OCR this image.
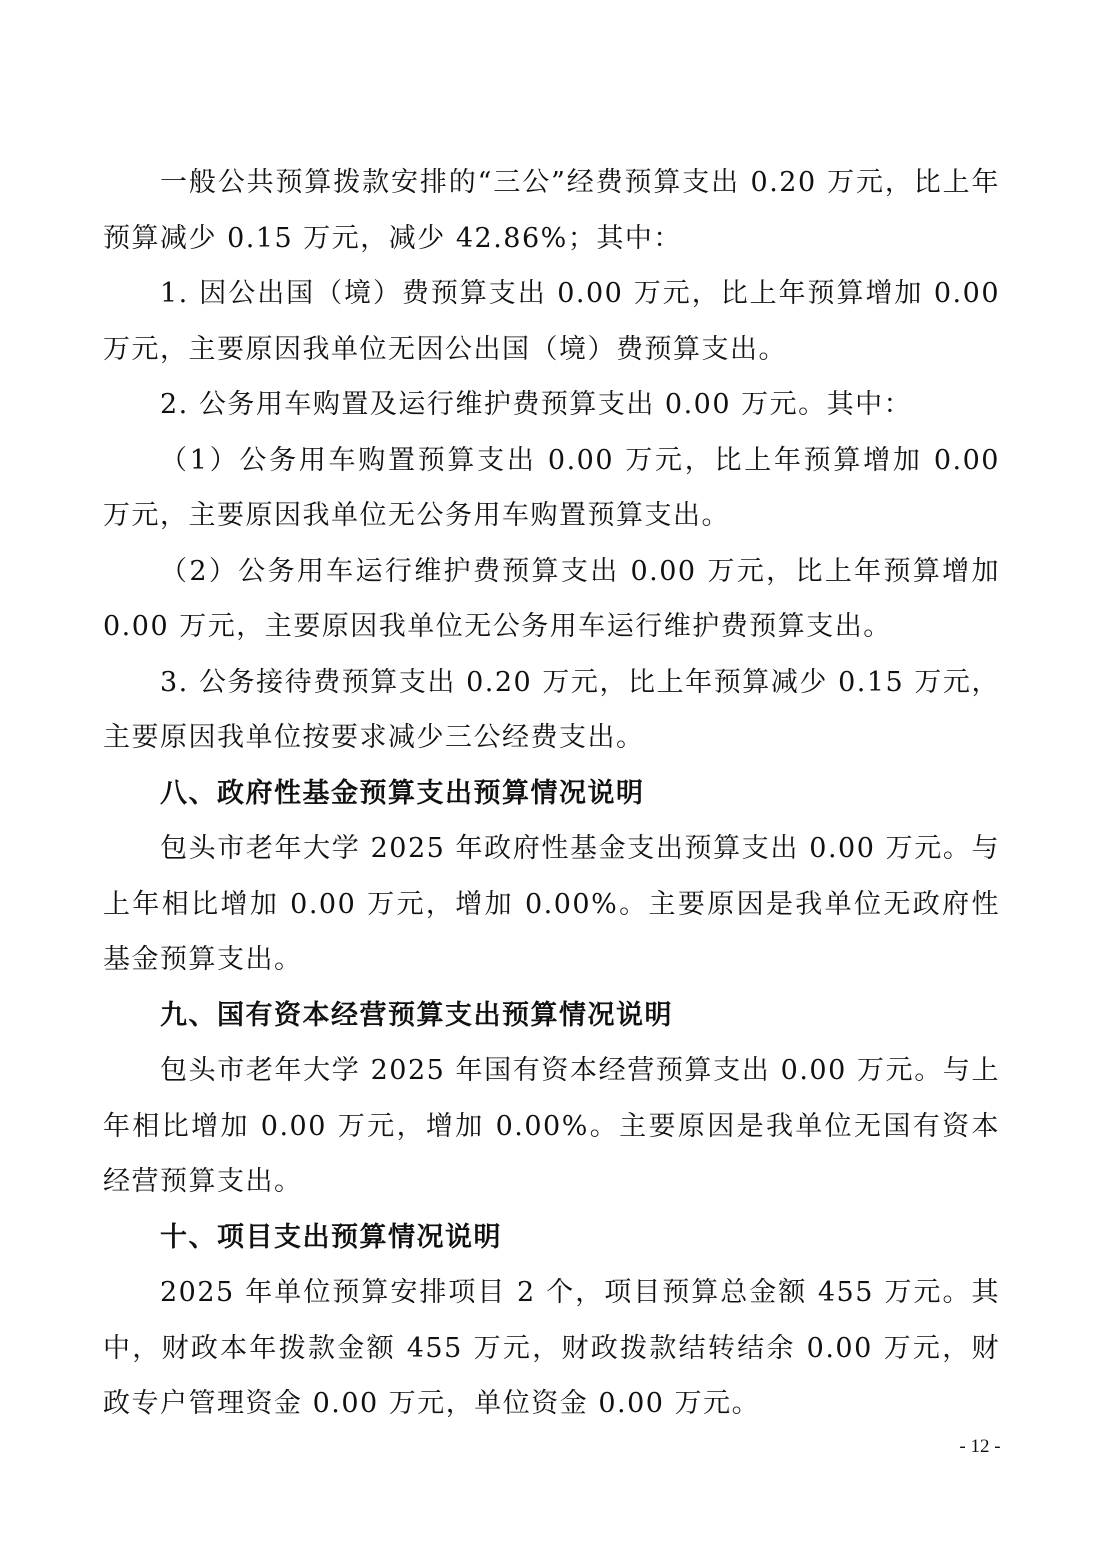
一般公共预算拨款安排的“三公”经费预算支出 0.20 万元，比上年预算减少 0.15 万元，减少 42.86%；其中：

1. 因公出国（境）费预算支出 0.00 万元，比上年预算增加 0.00 万元，主要原因我单位无因公出国（境）费预算支出。

2. 公务用车购置及运行维护费预算支出 0.00 万元。其中：

（1）公务用车购置预算支出 0.00 万元，比上年预算增加 0.00 万元，主要原因我单位无公务用车购置预算支出。

（2）公务用车运行维护费预算支出 0.00 万元，比上年预算增加 0.00 万元，主要原因我单位无公务用车运行维护费预算支出。

3. 公务接待费预算支出 0.20 万元，比上年预算减少 0.15 万元，主要原因我单位按要求减少三公经费支出。

八、政府性基金预算支出预算情况说明

包头市老年大学 2025 年政府性基金支出预算支出 0.00 万元。与上年相比增加 0.00 万元，增加 0.00%。主要原因是我单位无政府性基金预算支出。

九、国有资本经营预算支出预算情况说明

包头市老年大学 2025 年国有资本经营预算支出 0.00 万元。与上年相比增加 0.00 万元，增加 0.00%。主要原因是我单位无国有资本经营预算支出。

十、项目支出预算情况说明

2025 年单位预算安排项目 2 个，项目预算总金额 455 万元。其中，财政本年拨款金额 455 万元，财政拨款结转结余 0.00 万元，财政专户管理资金 0.00 万元，单位资金 0.00 万元。

- 12 -
